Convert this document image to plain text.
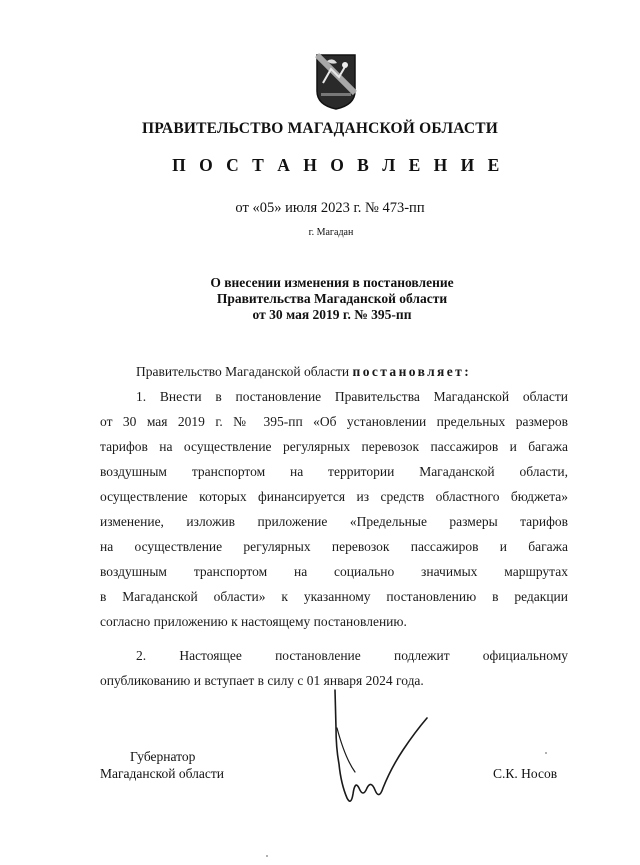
ПРАВИТЕЛЬСТВО МАГАДАНСКОЙ ОБЛАСТИ
П О С Т А Н О В Л Е Н И Е
от «05» июля 2023 г. № 473-пп
г. Магадан
О внесении изменения в постановление
Правительства Магаданской области
от 30 мая 2019 г. № 395-пп
Правительство Магаданской области постановляет:
1. Внести в постановление Правительства Магаданской области
от 30 мая 2019 г. № 395-пп «Об установлении предельных размеров
тарифов на осуществление регулярных перевозок пассажиров и багажа
воздушным транспортом на территории Магаданской области,
осуществление которых финансируется из средств областного бюджета»
изменение, изложив приложение «Предельные размеры тарифов
на осуществление регулярных перевозок пассажиров и багажа
воздушным транспортом на социально значимых маршрутах
в Магаданской области» к указанному постановлению в редакции
согласно приложению к настоящему постановлению.
2. Настоящее постановление подлежит официальному
опубликованию и вступает в силу с 01 января 2024 года.
Губернатор
Магаданской области	С.К. Носов
